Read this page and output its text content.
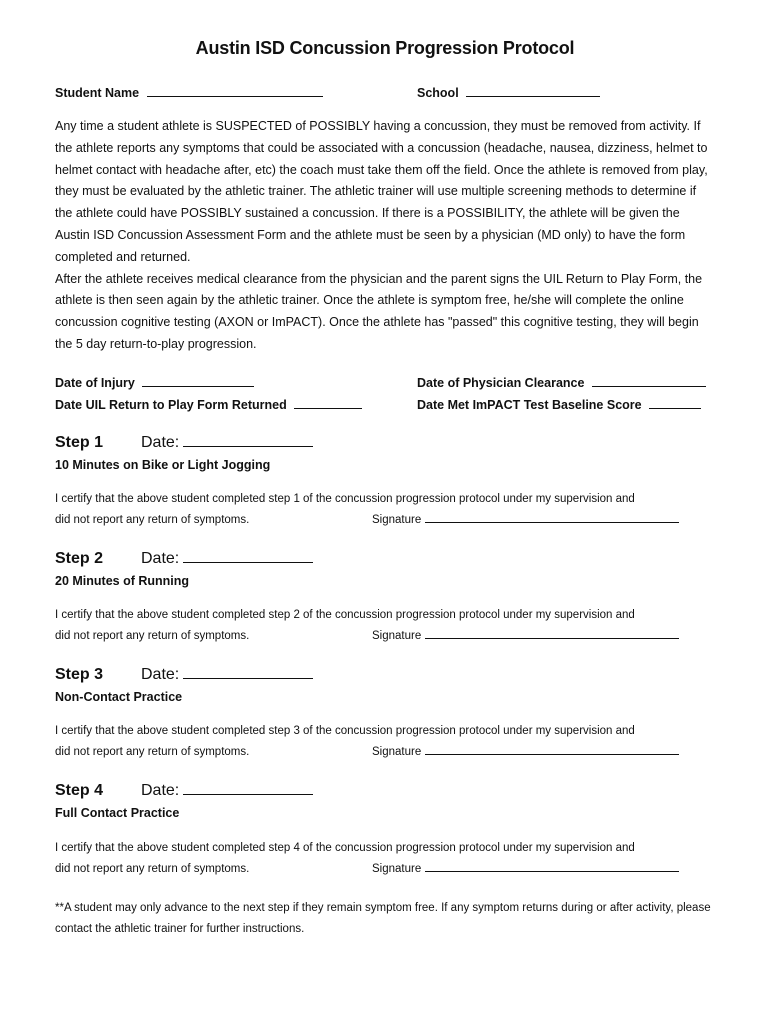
Austin ISD Concussion Progression Protocol
Student Name	School

Any time a student athlete is SUSPECTED of POSSIBLY having a concussion, they must be removed from activity. If the athlete reports any symptoms that could be associated with a concussion (headache, nausea, dizziness, helmet to helmet contact with headache after, etc) the coach must take them off the field. Once the athlete is removed from play, they must be evaluated by the athletic trainer. The athletic trainer will use multiple screening methods to determine if the athlete could have POSSIBLY sustained a concussion. If there is a POSSIBILITY, the athlete will be given the Austin ISD Concussion Assessment Form and the athlete must be seen by a physician (MD only) to have the form completed and returned.

After the athlete receives medical clearance from the physician and the parent signs the UIL Return to Play Form, the athlete is then seen again by the athletic trainer. Once the athlete is symptom free, he/she will complete the online concussion cognitive testing (AXON or ImPACT). Once the athlete has "passed" this cognitive testing, they will begin the 5 day return-to-play progression.

Date of Injury	Date of Physician Clearance
Date UIL Return to Play Form Returned	Date Met ImPACT Test Baseline Score
Step 1 Date:
10 Minutes on Bike or Light Jogging
I certify that the above student completed step 1 of the concussion progression protocol under my supervision and
did not report any return of symptoms.	Signature
Step 2 Date:
20 Minutes of Running
I certify that the above student completed step 2 of the concussion progression protocol under my supervision and
did not report any return of symptoms.	Signature
Step 3 Date:
Non-Contact Practice
I certify that the above student completed step 3 of the concussion progression protocol under my supervision and
did not report any return of symptoms.	Signature
Step 4 Date:
Full Contact Practice
I certify that the above student completed step 4 of the concussion progression protocol under my supervision and
did not report any return of symptoms.	Signature
**A student may only advance to the next step if they remain symptom free. If any symptom returns during or after activity, please contact the athletic trainer for further instructions.
